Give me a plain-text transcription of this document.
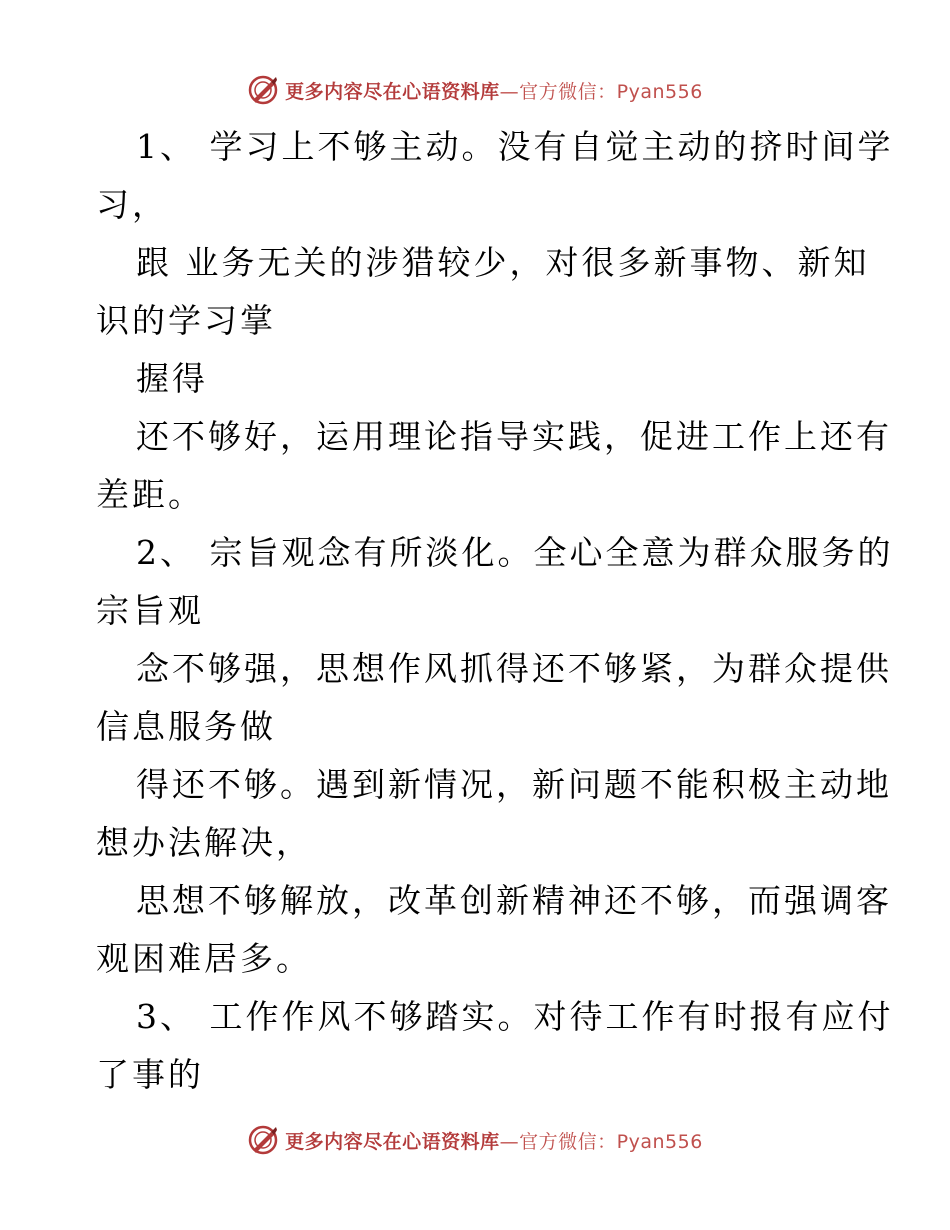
更多内容尽在心语资料库—官方微信：Pyan556

1、 学习上不够主动。没有自觉主动的挤时间学

习，

跟 业务无关的涉猎较少，对很多新事物、新知

识的学习掌

握得

还不够好，运用理论指导实践，促进工作上还有

差距。

2、 宗旨观念有所淡化。全心全意为群众服务的

宗旨观

念不够强，思想作风抓得还不够紧，为群众提供

信息服务做

得还不够。遇到新情况，新问题不能积极主动地

想办法解决，

思想不够解放，改革创新精神还不够，而强调客

观困难居多。

3、 工作作风不够踏实。对待工作有时报有应付

了事的

更多内容尽在心语资料库—官方微信：Pyan556
